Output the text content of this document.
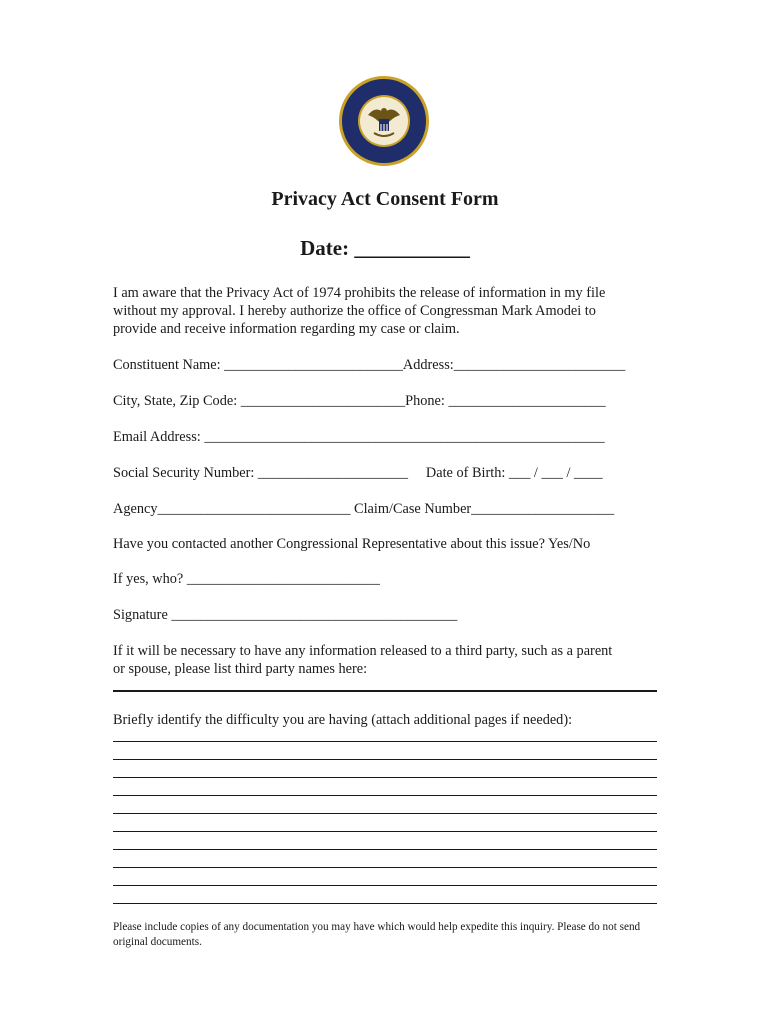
Privacy Act Consent Form
Date: ___________
I am aware that the Privacy Act of 1974 prohibits the release of information in my file
without my approval. I hereby authorize the office of Congressman Mark Amodei to
provide and receive information regarding my case or claim.
Constituent Name: _________________________Address:________________________
City, State, Zip Code: _______________________Phone: ______________________
Email Address: ________________________________________________________
Social Security Number: _____________________     Date of Birth: ___ / ___ / ____
Agency___________________________ Claim/Case Number____________________
Have you contacted another Congressional Representative about this issue? Yes/No
If yes, who? ___________________________
Signature ________________________________________
If it will be necessary to have any information released to a third party, such as a parent
or spouse, please list third party names here:
Briefly identify the difficulty you are having (attach additional pages if needed):
Please include copies of any documentation you may have which would help expedite this inquiry. Please do not send original documents.
